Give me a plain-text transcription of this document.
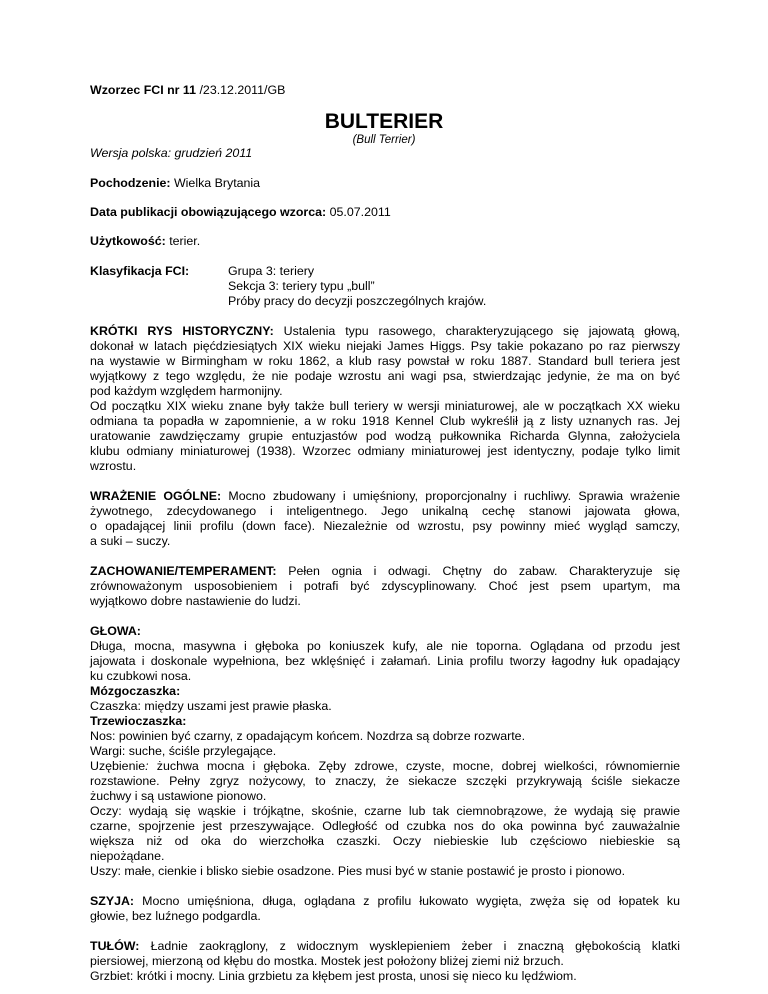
Wzorzec FCI nr 11 /23.12.2011/GB
BULTERIER
(Bull Terrier)
Wersja polska: grudzień 2011
Pochodzenie: Wielka Brytania
Data publikacji obowiązującego wzorca: 05.07.2011
Użytkowość: terier.
Klasyfikacja FCI:	Grupa 3: teriery
Sekcja 3: teriery typu „bull”
Próby pracy do decyzji poszczególnych krajów.
KRÓTKI RYS HISTORYCZNY: Ustalenia typu rasowego, charakteryzującego się jajowatą głową,
dokonał w latach pięćdziesiątych XIX wieku niejaki James Higgs. Psy takie pokazano po raz pierwszy
na wystawie w Birmingham w roku 1862, a klub rasy powstał w roku 1887. Standard bull teriera jest
wyjątkowy z tego względu, że nie podaje wzrostu ani wagi psa, stwierdzając jedynie, że ma on być
pod każdym względem harmonijny.
Od początku XIX wieku znane były także bull teriery w wersji miniaturowej, ale w początkach XX wieku
odmiana ta popadła w zapomnienie, a w roku 1918 Kennel Club wykreślił ją z listy uznanych ras. Jej
uratowanie zawdzięczamy grupie entuzjastów pod wodzą pułkownika Richarda Glynna, założyciela
klubu odmiany miniaturowej (1938). Wzorzec odmiany miniaturowej jest identyczny, podaje tylko limit
wzrostu.
WRAŻENIE OGÓLNE: Mocno zbudowany i umięśniony, proporcjonalny i ruchliwy. Sprawia wrażenie
żywotnego, zdecydowanego i inteligentnego. Jego unikalną cechę stanowi jajowata głowa,
o opadającej linii profilu (down face). Niezależnie od wzrostu, psy powinny mieć wygląd samczy,
a suki – suczy.
ZACHOWANIE/TEMPERAMENT: Pełen ognia i odwagi. Chętny do zabaw. Charakteryzuje się
zrównoważonym usposobieniem i potrafi być zdyscyplinowany. Choć jest psem upartym, ma
wyjątkowo dobre nastawienie do ludzi.
GŁOWA:
Długa, mocna, masywna i głęboka po koniuszek kufy, ale nie toporna. Oglądana od przodu jest
jajowata i doskonale wypełniona, bez wklęśnięć i załamań. Linia profilu tworzy łagodny łuk opadający
ku czubkowi nosa.
Mózgoczaszka:
Czaszka: między uszami jest prawie płaska.
Trzewioczaszka:
Nos: powinien być czarny, z opadającym końcem. Nozdrza są dobrze rozwarte.
Wargi: suche, ściśle przylegające.
Uzębienie: żuchwa mocna i głęboka. Zęby zdrowe, czyste, mocne, dobrej wielkości, równomiernie
rozstawione. Pełny zgryz nożycowy, to znaczy, że siekacze szczęki przykrywają ściśle siekacze
żuchwy i są ustawione pionowo.
Oczy: wydają się wąskie i trójkątne, skośnie, czarne lub tak ciemnobrązowe, że wydają się prawie
czarne, spojrzenie jest przeszywające. Odległość od czubka nos do oka powinna być zauważalnie
większa niż od oka do wierzchołka czaszki. Oczy niebieskie lub częściowo niebieskie są
niepożądane.
Uszy: małe, cienkie i blisko siebie osadzone. Pies musi być w stanie postawić je prosto i pionowo.
SZYJA: Mocno umięśniona, długa, oglądana z profilu łukowato wygięta, zwęża się od łopatek ku
głowie, bez luźnego podgardla.
TUŁÓW: Ładnie zaokrąglony, z widocznym wysklepieniem żeber i znaczną głębokością klatki
piersiowej, mierzoną od kłębu do mostka. Mostek jest położony bliżej ziemi niż brzuch.
Grzbiet: krótki i mocny. Linia grzbietu za kłębem jest prosta, unosi się nieco ku lędźwiom.
